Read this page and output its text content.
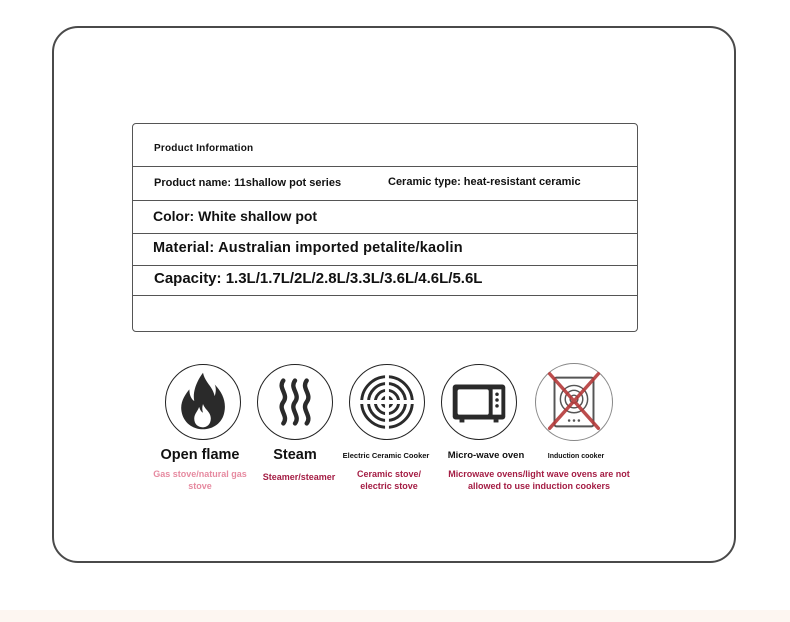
Product Information
Product name: 11shallow pot series	Ceramic type: heat-resistant ceramic
Color: White shallow pot
Material: Australian imported petalite/kaolin
Capacity: 1.3L/1.7L/2L/2.8L/3.3L/3.6L/4.6L/5.6L
Open flame	Steam	Electric Ceramic Cooker	Micro-wave oven	Induction cooker
Gas stove/natural gas stove
Steamer/steamer	Ceramic stove/ electric stove
Microwave ovens/light wave ovens are not allowed to use induction cookers
